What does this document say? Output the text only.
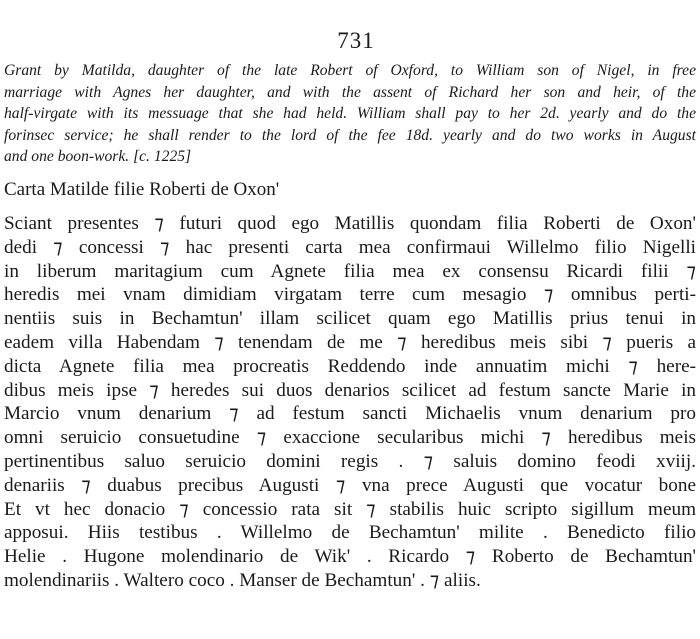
731
Grant by Matilda, daughter of the late Robert of Oxford, to William son of Nigel, in free
marriage with Agnes her daughter, and with the assent of Richard her son and heir, of the
half-virgate with its messuage that she had held. William shall pay to her 2d. yearly and do the
forinsec service; he shall render to the lord of the fee 18d. yearly and do two works in August
and one boon-work. [c. 1225]
Carta Matilde filie Roberti de Oxon'
Sciant presentes ⁊ futuri quod ego Matillis quondam filia Roberti de Oxon'
dedi ⁊ concessi ⁊ hac presenti carta mea confirmaui Willelmo filio Nigelli
in liberum maritagium cum Agnete filia mea ex consensu Ricardi filii ⁊
heredis mei vnam dimidiam virgatam terre cum mesagio ⁊ omnibus perti-
nentiis suis in Bechamtun' illam scilicet quam ego Matillis prius tenui in
eadem villa Habendam ⁊ tenendam de me ⁊ heredibus meis sibi ⁊ pueris a
dicta Agnete filia mea procreatis Reddendo inde annuatim michi ⁊ here-
dibus meis ipse ⁊ heredes sui duos denarios scilicet ad festum sancte Marie in
Marcio vnum denarium ⁊ ad festum sancti Michaelis vnum denarium pro
omni seruicio consuetudine ⁊ exaccione secularibus michi ⁊ heredibus meis
pertinentibus saluo seruicio domini regis . ⁊ saluis domino feodi xviij.
denariis ⁊ duabus precibus Augusti ⁊ vna prece Augusti que vocatur bone
Et vt hec donacio ⁊ concessio rata sit ⁊ stabilis huic scripto sigillum meum
apposui. Hiis testibus . Willelmo de Bechamtun' milite . Benedicto filio
Helie . Hugone molendinario de Wik' . Ricardo ⁊ Roberto de Bechamtun'
molendinariis . Waltero coco . Manser de Bechamtun' . ⁊ aliis.
